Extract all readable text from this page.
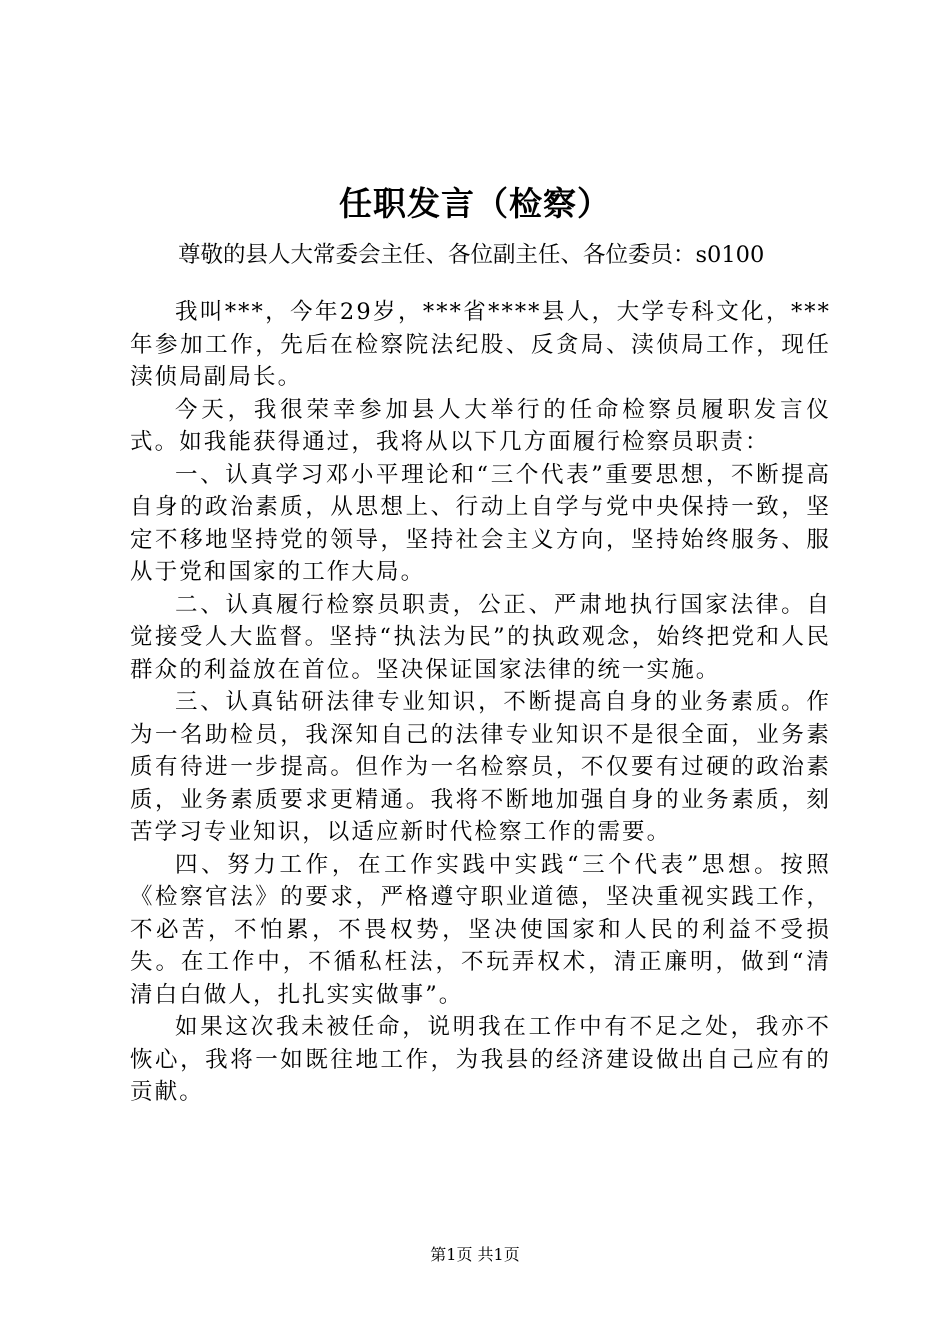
任职发言（检察）
尊敬的县人大常委会主任、各位副主任、各位委员：s0100

我叫***，今年29岁，***省****县人，大学专科文化，***年参加工作，先后在检察院法纪股、反贪局、渎侦局工作，现任渎侦局副局长。

今天，我很荣幸参加县人大举行的任命检察员履职发言仪式。如我能获得通过，我将从以下几方面履行检察员职责：

一、认真学习邓小平理论和“三个代表”重要思想，不断提高自身的政治素质，从思想上、行动上自学与党中央保持一致，坚定不移地坚持党的领导，坚持社会主义方向，坚持始终服务、服从于党和国家的工作大局。

二、认真履行检察员职责，公正、严肃地执行国家法律。自觉接受人大监督。坚持“执法为民”的执政观念，始终把党和人民群众的利益放在首位。坚决保证国家法律的统一实施。

三、认真钻研法律专业知识，不断提高自身的业务素质。作为一名助检员，我深知自己的法律专业知识不是很全面，业务素质有待进一步提高。但作为一名检察员，不仅要有过硬的政治素质，业务素质要求更精通。我将不断地加强自身的业务素质，刻苦学习专业知识，以适应新时代检察工作的需要。

四、努力工作，在工作实践中实践“三个代表”思想。按照《检察官法》的要求，严格遵守职业道德，坚决重视实践工作，不必苦，不怕累，不畏权势，坚决使国家和人民的利益不受损失。在工作中，不循私枉法，不玩弄权术，清正廉明，做到“清清白白做人，扎扎实实做事”。

如果这次我未被任命，说明我在工作中有不足之处，我亦不恢心，我将一如既往地工作，为我县的经济建设做出自己应有的贡献。

第1页 共1页
